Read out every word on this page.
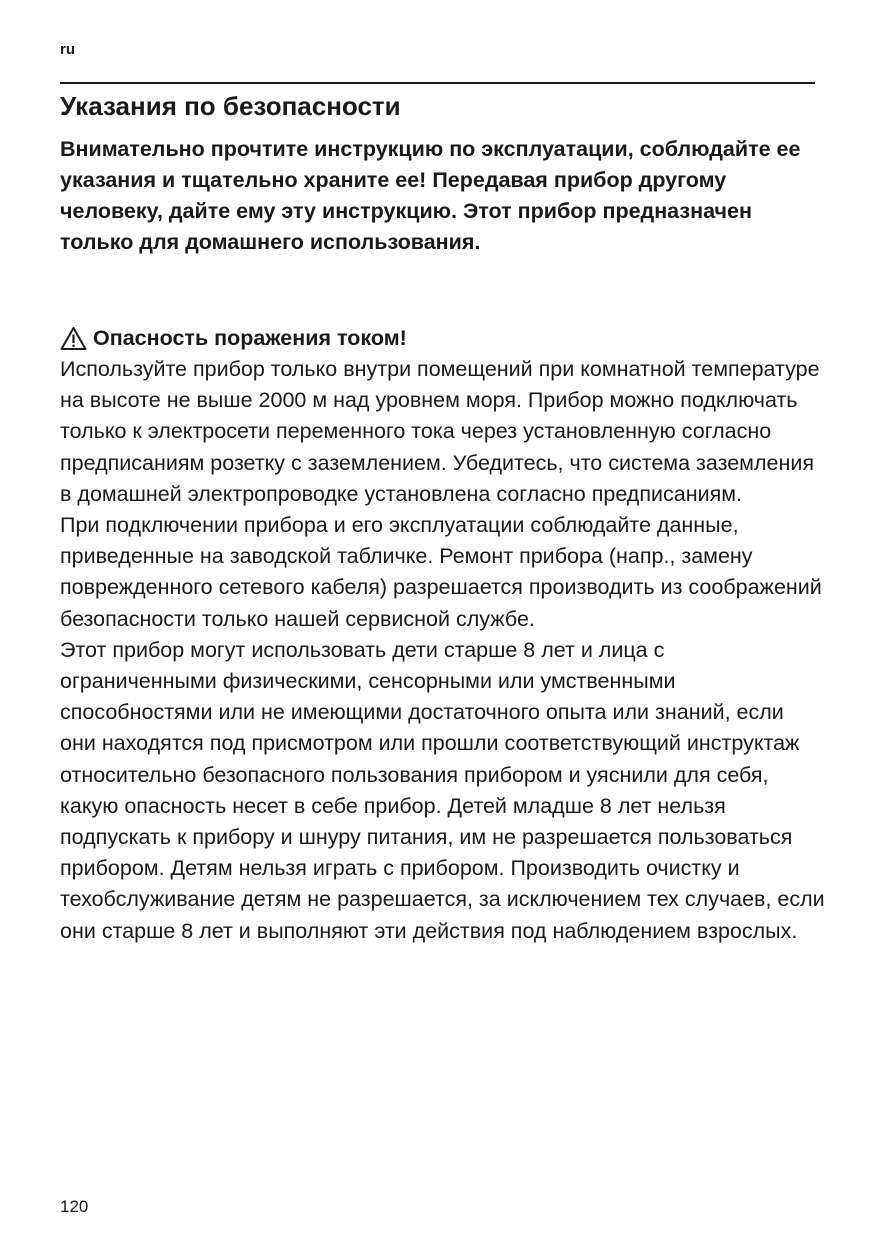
ru
Указания по безопасности

Внимательно прочтите инструкцию по эксплуатации, соблюдайте ее указания и тщательно храните ее! Передавая прибор другому человеку, дайте ему эту инструкцию. Этот прибор предназначен только для домашнего использования.

Опасность поражения током!

Используйте прибор только внутри помещений при комнатной температуре на высоте не выше 2000 м над уровнем моря. Прибор можно подключать только к электросети переменного тока через установленную согласно предписаниям розетку с заземлением. Убедитесь, что система заземления в домашней электропроводке установлена согласно предписаниям.

При подключении прибора и его эксплуатации соблюдайте данные, приведенные на заводской табличке. Ремонт прибора (напр., замену поврежденного сетевого кабеля) разрешается производить из соображений безопасности только нашей сервисной службе.

Этот прибор могут использовать дети старше 8 лет и лица с ограниченными физическими, сенсорными или умственными способностями или не имеющими достаточного опыта или знаний, если они находятся под присмотром или прошли соответствующий инструктаж относительно безопасного пользования прибором и уяснили для себя, какую опасность несет в себе прибор. Детей младше 8 лет нельзя подпускать к прибору и шнуру питания, им не разрешается пользоваться прибором. Детям нельзя играть с прибором. Производить очистку и техобслуживание детям не разрешается, за исключением тех случаев, если они старше 8 лет и выполняют эти действия под наблюдением взрослых.

120
